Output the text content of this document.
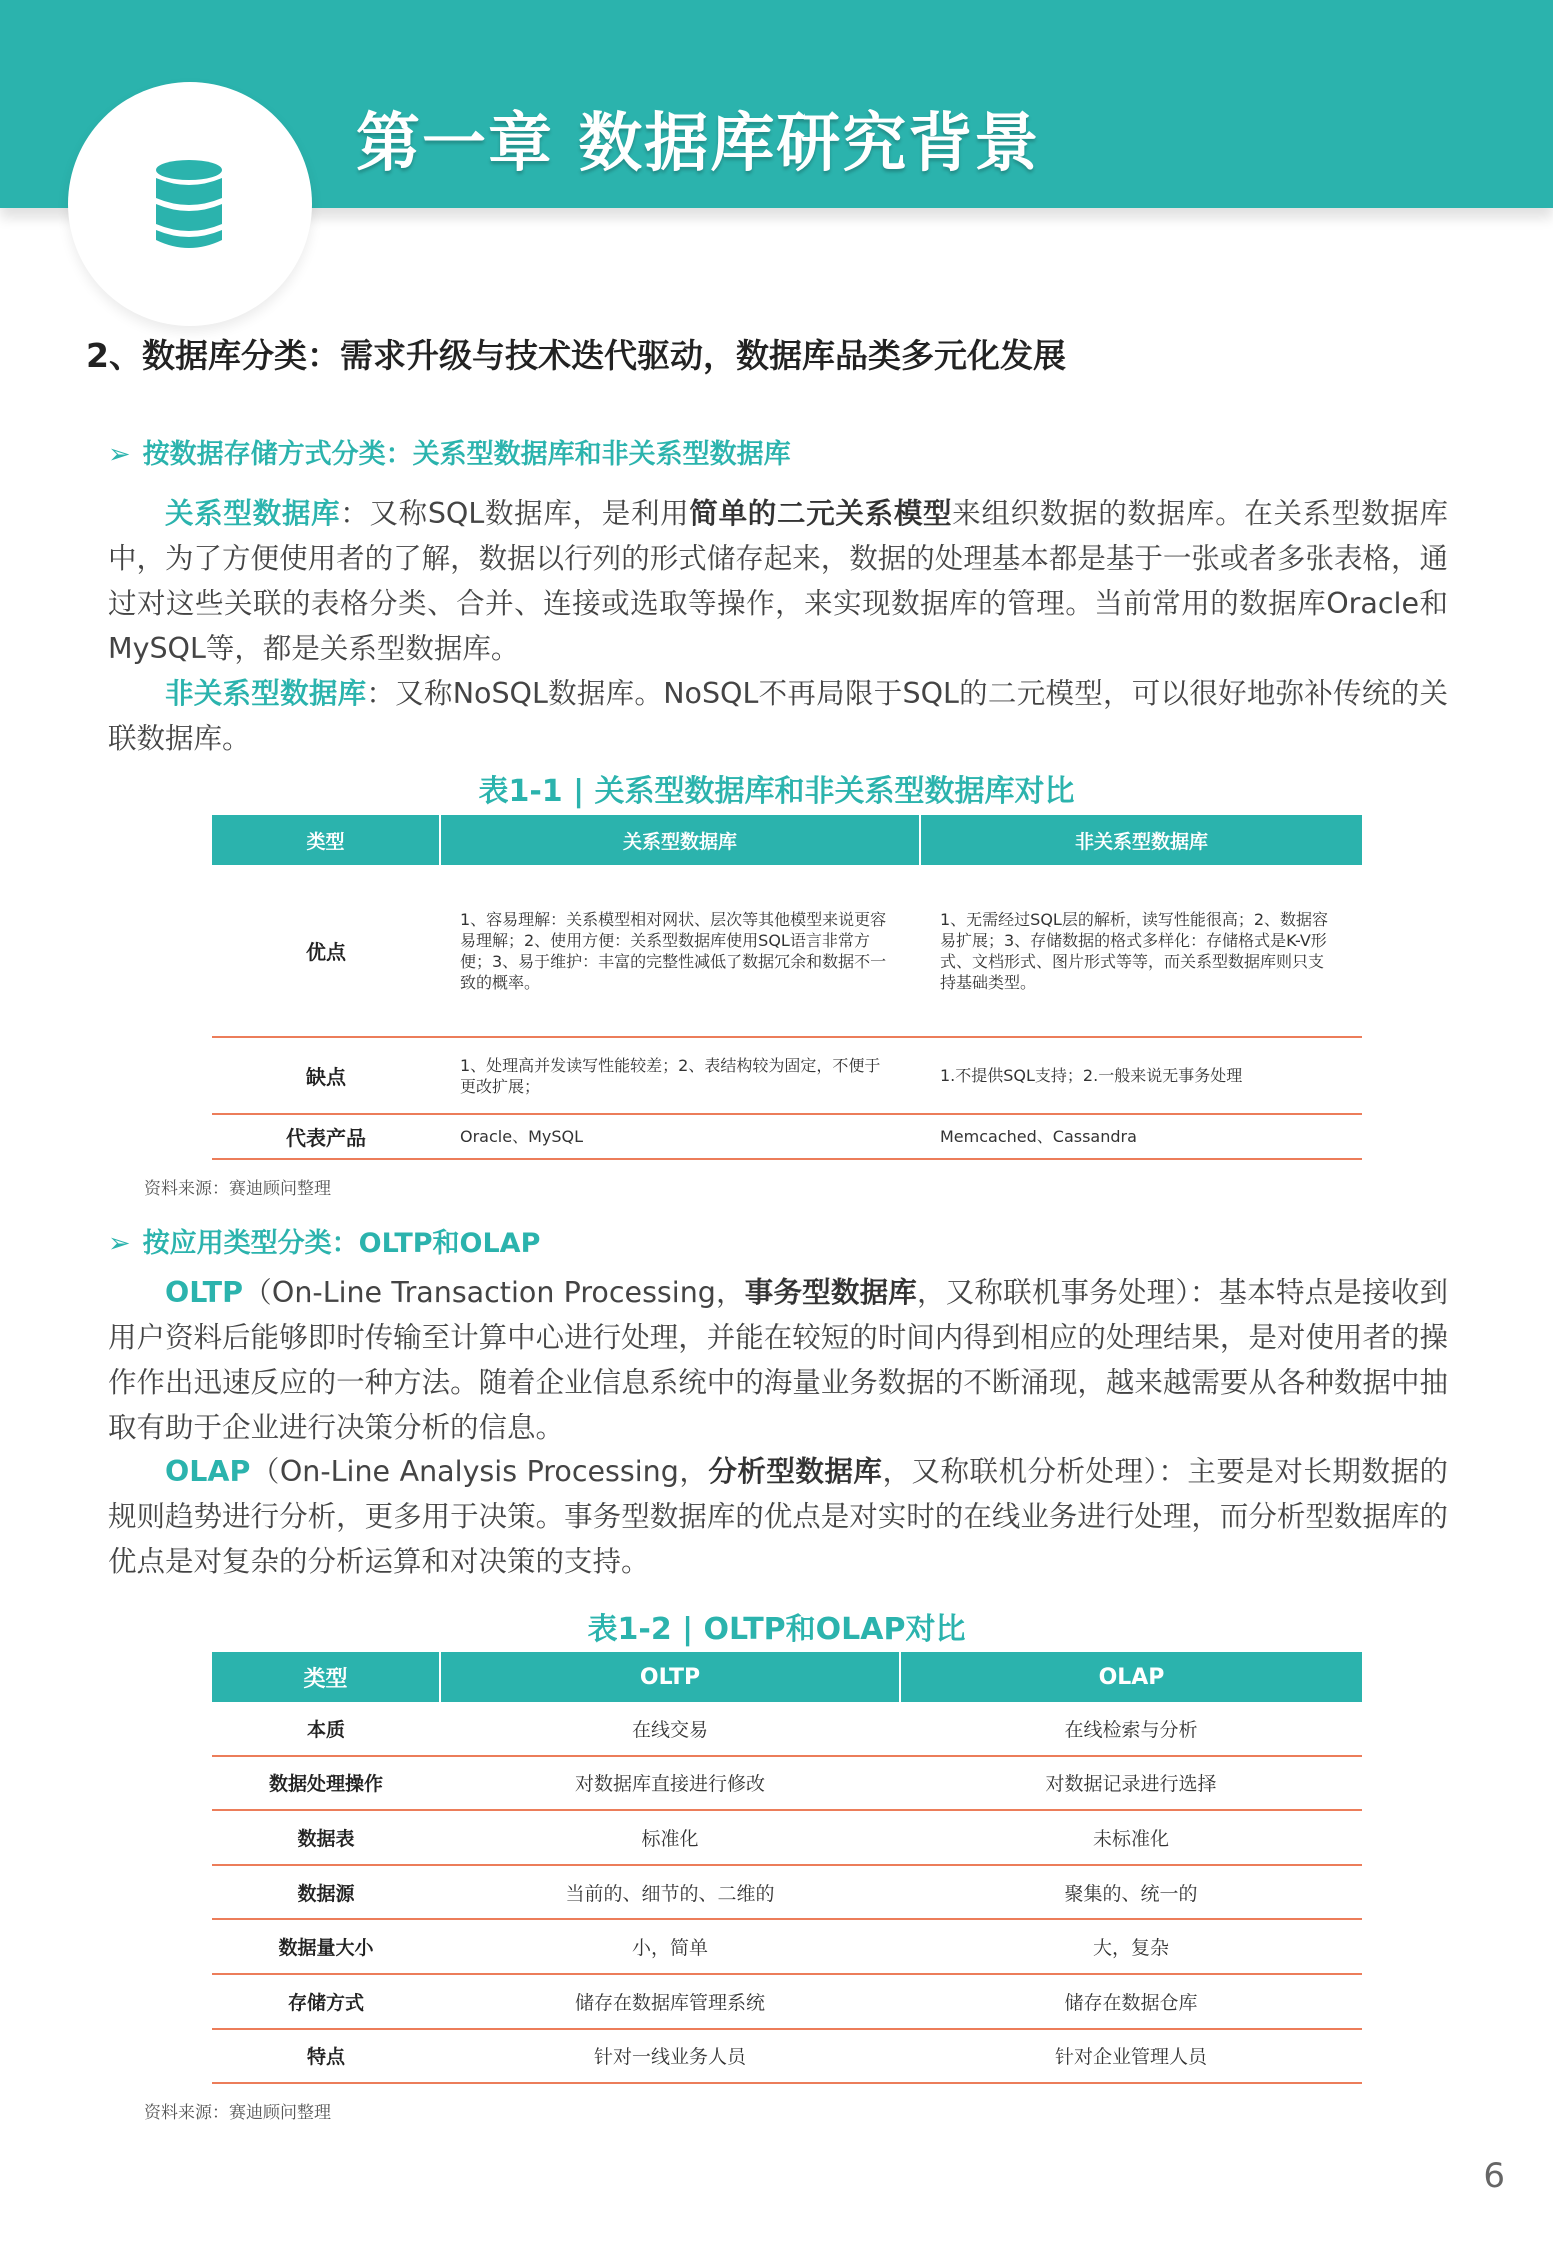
第一章 数据库研究背景
2、数据库分类：需求升级与技术迭代驱动，数据库品类多元化发展
➢ 按数据存储方式分类：关系型数据库和非关系型数据库

关系型数据库：又称SQL数据库，是利用简单的二元关系模型来组织数据的数据库。在关系型数据库中，为了方便使用者的了解，数据以行列的形式储存起来，数据的处理基本都是基于一张或者多张表格，通过对这些关联的表格分类、合并、连接或选取等操作，来实现数据库的管理。当前常用的数据库Oracle和MySQL等，都是关系型数据库。

非关系型数据库：又称NoSQL数据库。NoSQL不再局限于SQL的二元模型，可以很好地弥补传统的关联数据库。

表1-1 | 关系型数据库和非关系型数据库对比
类型	关系型数据库	非关系型数据库
优点	1、容易理解：关系模型相对网状、层次等其他模型来说更容易理解；2、使用方便：关系型数据库使用SQL语言非常方便；3、易于维护：丰富的完整性减低了数据冗余和数据不一致的概率。	1、无需经过SQL层的解析，读写性能很高；2、数据容易扩展；3、存储数据的格式多样化：存储格式是K-V形式、文档形式、图片形式等等，而关系型数据库则只支持基础类型。
缺点	1、处理高并发读写性能较差；2、表结构较为固定，不便于更改扩展；	1.不提供SQL支持；2.一般来说无事务处理
代表产品	Oracle、MySQL	Memcached、Cassandra

资料来源：赛迪顾问整理

➢ 按应用类型分类：OLTP和OLAP

OLTP（On-Line Transaction Processing，事务型数据库，又称联机事务处理）：基本特点是接收到用户资料后能够即时传输至计算中心进行处理，并能在较短的时间内得到相应的处理结果，是对使用者的操作作出迅速反应的一种方法。随着企业信息系统中的海量业务数据的不断涌现，越来越需要从各种数据中抽取有助于企业进行决策分析的信息。

OLAP（On-Line Analysis Processing，分析型数据库，又称联机分析处理）：主要是对长期数据的规则趋势进行分析，更多用于决策。事务型数据库的优点是对实时的在线业务进行处理，而分析型数据库的优点是对复杂的分析运算和对决策的支持。

表1-2 | OLTP和OLAP对比
类型	OLTP	OLAP
本质	在线交易	在线检索与分析
数据处理操作	对数据库直接进行修改	对数据记录进行选择
数据表	标准化	未标准化
数据源	当前的、细节的、二维的	聚集的、统一的
数据量大小	小，简单	大，复杂
存储方式	储存在数据库管理系统	储存在数据仓库
特点	针对一线业务人员	针对企业管理人员

资料来源：赛迪顾问整理

6
